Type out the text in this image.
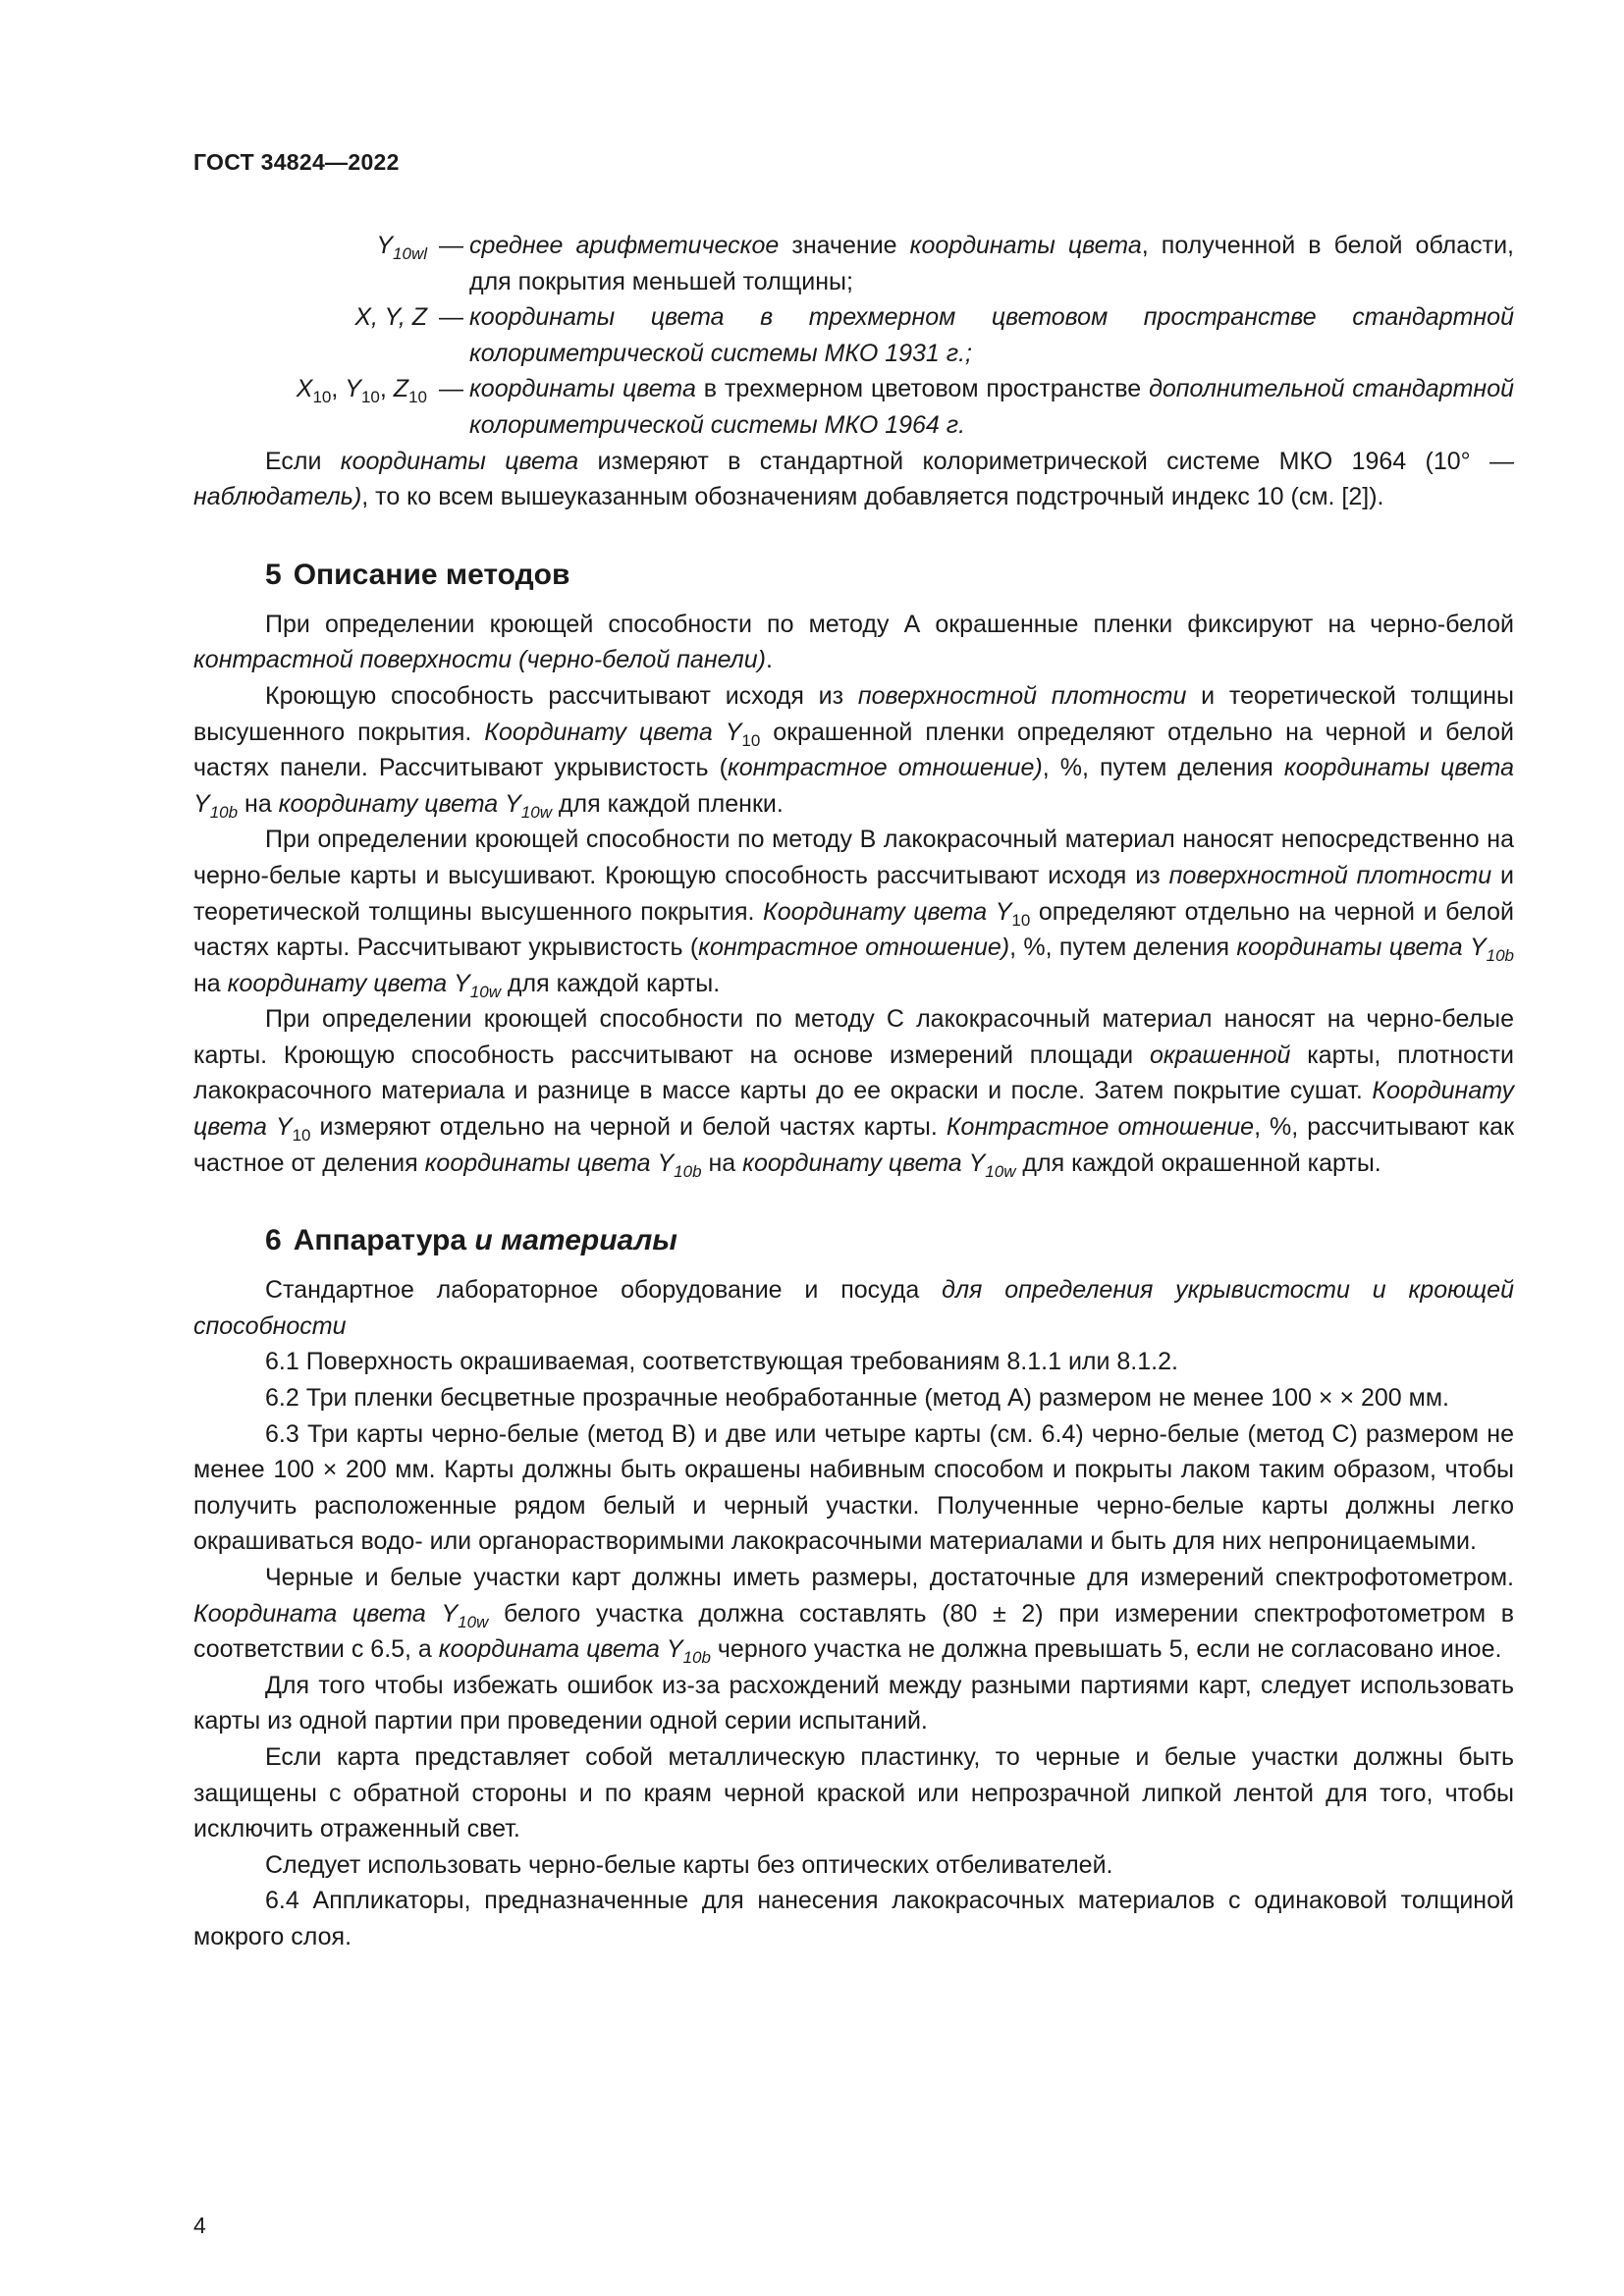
ГОСТ 34824—2022
$Y_{10wl}$ — среднее арифметическое значение координаты цвета, полученной в белой области, для покрытия меньшей толщины;
X, Y, Z — координаты цвета в трехмерном цветовом пространстве стандартной колориметрической системы МКО 1931 г.;
$X_{10}$, $Y_{10}$, $Z_{10}$ — координаты цвета в трехмерном цветовом пространстве дополнительной стандартной колориметрической системы МКО 1964 г.

Если координаты цвета измеряют в стандартной колориметрической системе МКО 1964 (10° — наблюдатель), то ко всем вышеуказанным обозначениям добавляется подстрочный индекс 10 (см. [2]).

5 Описание методов

При определении кроющей способности по методу А окрашенные пленки фиксируют на черно-белой контрастной поверхности (черно-белой панели).

Кроющую способность рассчитывают исходя из поверхностной плотности и теоретической толщины высушенного покрытия. Координату цвета $Y_{10}$ окрашенной пленки определяют отдельно на черной и белой частях панели. Рассчитывают укрывистость (контрастное отношение), %, путем деления координаты цвета $Y_{10b}$ на координату цвета $Y_{10w}$ для каждой пленки.

При определении кроющей способности по методу В лакокрасочный материал наносят непосредственно на черно-белые карты и высушивают. Кроющую способность рассчитывают исходя из поверхностной плотности и теоретической толщины высушенного покрытия. Координату цвета $Y_{10}$ определяют отдельно на черной и белой частях карты. Рассчитывают укрывистость (контрастное отношение), %, путем деления координаты цвета $Y_{10b}$ на координату цвета $Y_{10w}$ для каждой карты.

При определении кроющей способности по методу С лакокрасочный материал наносят на черно-белые карты. Кроющую способность рассчитывают на основе измерений площади окрашенной карты, плотности лакокрасочного материала и разнице в массе карты до ее окраски и после. Затем покрытие сушат. Координату цвета $Y_{10}$ измеряют отдельно на черной и белой частях карты. Контрастное отношение, %, рассчитывают как частное от деления координаты цвета $Y_{10b}$ на координату цвета $Y_{10w}$ для каждой окрашенной карты.

6 Аппаратура и материалы

Стандартное лабораторное оборудование и посуда для определения укрывистости и кроющей способности

6.1 Поверхность окрашиваемая, соответствующая требованиям 8.1.1 или 8.1.2.

6.2 Три пленки бесцветные прозрачные необработанные (метод А) размером не менее 100 × × 200 мм.

6.3 Три карты черно-белые (метод В) и две или четыре карты (см. 6.4) черно-белые (метод С) размером не менее 100 × 200 мм. Карты должны быть окрашены набивным способом и покрыты лаком таким образом, чтобы получить расположенные рядом белый и черный участки. Полученные черно-белые карты должны легко окрашиваться водо- или органорастворимыми лакокрасочными материалами и быть для них непроницаемыми.

Черные и белые участки карт должны иметь размеры, достаточные для измерений спектрофотометром. Координата цвета $Y_{10w}$ белого участка должна составлять (80 ± 2) при измерении спектрофотометром в соответствии с 6.5, а координата цвета $Y_{10b}$ черного участка не должна превышать 5, если не согласовано иное.

Для того чтобы избежать ошибок из-за расхождений между разными партиями карт, следует использовать карты из одной партии при проведении одной серии испытаний.

Если карта представляет собой металлическую пластинку, то черные и белые участки должны быть защищены с обратной стороны и по краям черной краской или непрозрачной липкой лентой для того, чтобы исключить отраженный свет.

Следует использовать черно-белые карты без оптических отбеливателей.

6.4 Аппликаторы, предназначенные для нанесения лакокрасочных материалов с одинаковой толщиной мокрого слоя.

4
